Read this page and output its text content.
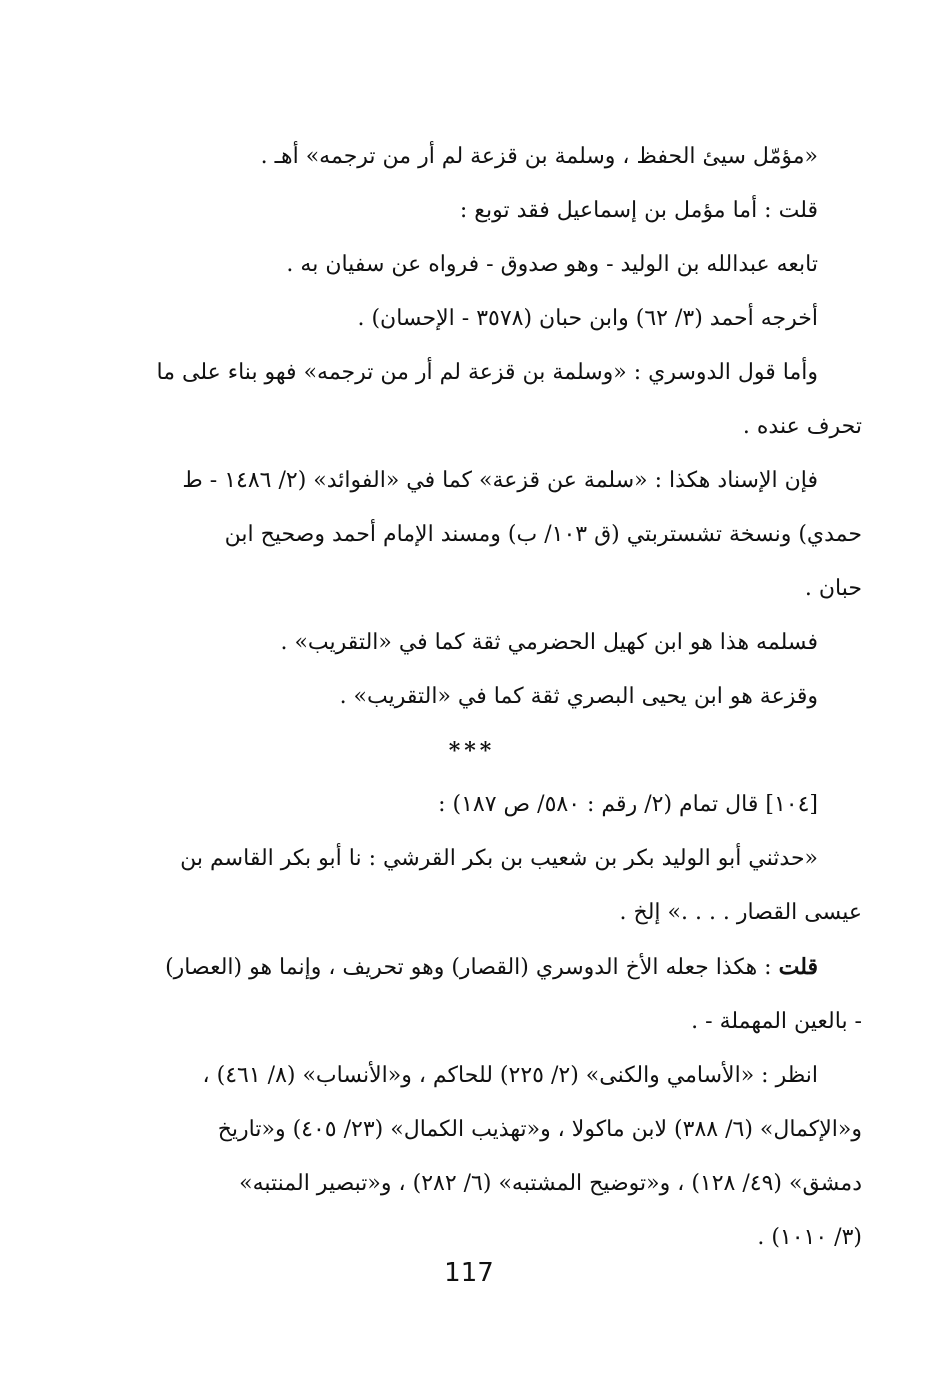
«مؤمّل سيئ الحفظ ، وسلمة بن قزعة لم أر من ترجمه» أهـ .
قلت : أما مؤمل بن إسماعيل فقد توبع :
تابعه عبدالله بن الوليد - وهو صدوق - فرواه عن سفيان به .
أخرجه أحمد (٣/ ٦٢) وابن حبان (٣٥٧٨ - الإحسان) .
وأما قول الدوسري : «وسلمة بن قزعة لم أر من ترجمه» فهو بناء على ما
تحرف عنده .
فإن الإسناد هكذا : «سلمة عن قزعة» كما في «الفوائد» (٢/ ١٤٨٦ - ط
حمدي) ونسخة تشستربتي (ق ١٠٣/ ب) ومسند الإمام أحمد وصحيح ابن
حبان .
فسلمه هذا هو ابن كهيل الحضرمي ثقة كما في «التقريب» .
وقزعة هو ابن يحيى البصري ثقة كما في «التقريب» .
***
[١٠٤] قال تمام (٢/ رقم : ٥٨٠/ ص ١٨٧) :
«حدثني أبو الوليد بكر بن شعيب بن بكر القرشي : نا أبو بكر القاسم بن
عيسى القصار . . . .» إلخ .
قلت : هكذا جعله الأخ الدوسري (القصار) وهو تحريف ، وإنما هو (العصار)
- بالعين المهملة - .
انظر : «الأسامي والكنى» (٢/ ٢٢٥) للحاكم ، و«الأنساب» (٨/ ٤٦١) ،
و«الإكمال» (٦/ ٣٨٨) لابن ماكولا ، و«تهذيب الكمال» (٢٣/ ٤٠٥) و«تاريخ
دمشق» (٤٩/ ١٢٨) ، و«توضيح المشتبه» (٦/ ٢٨٢) ، و«تبصير المنتبه»
(٣/ ١٠١٠) .
117
